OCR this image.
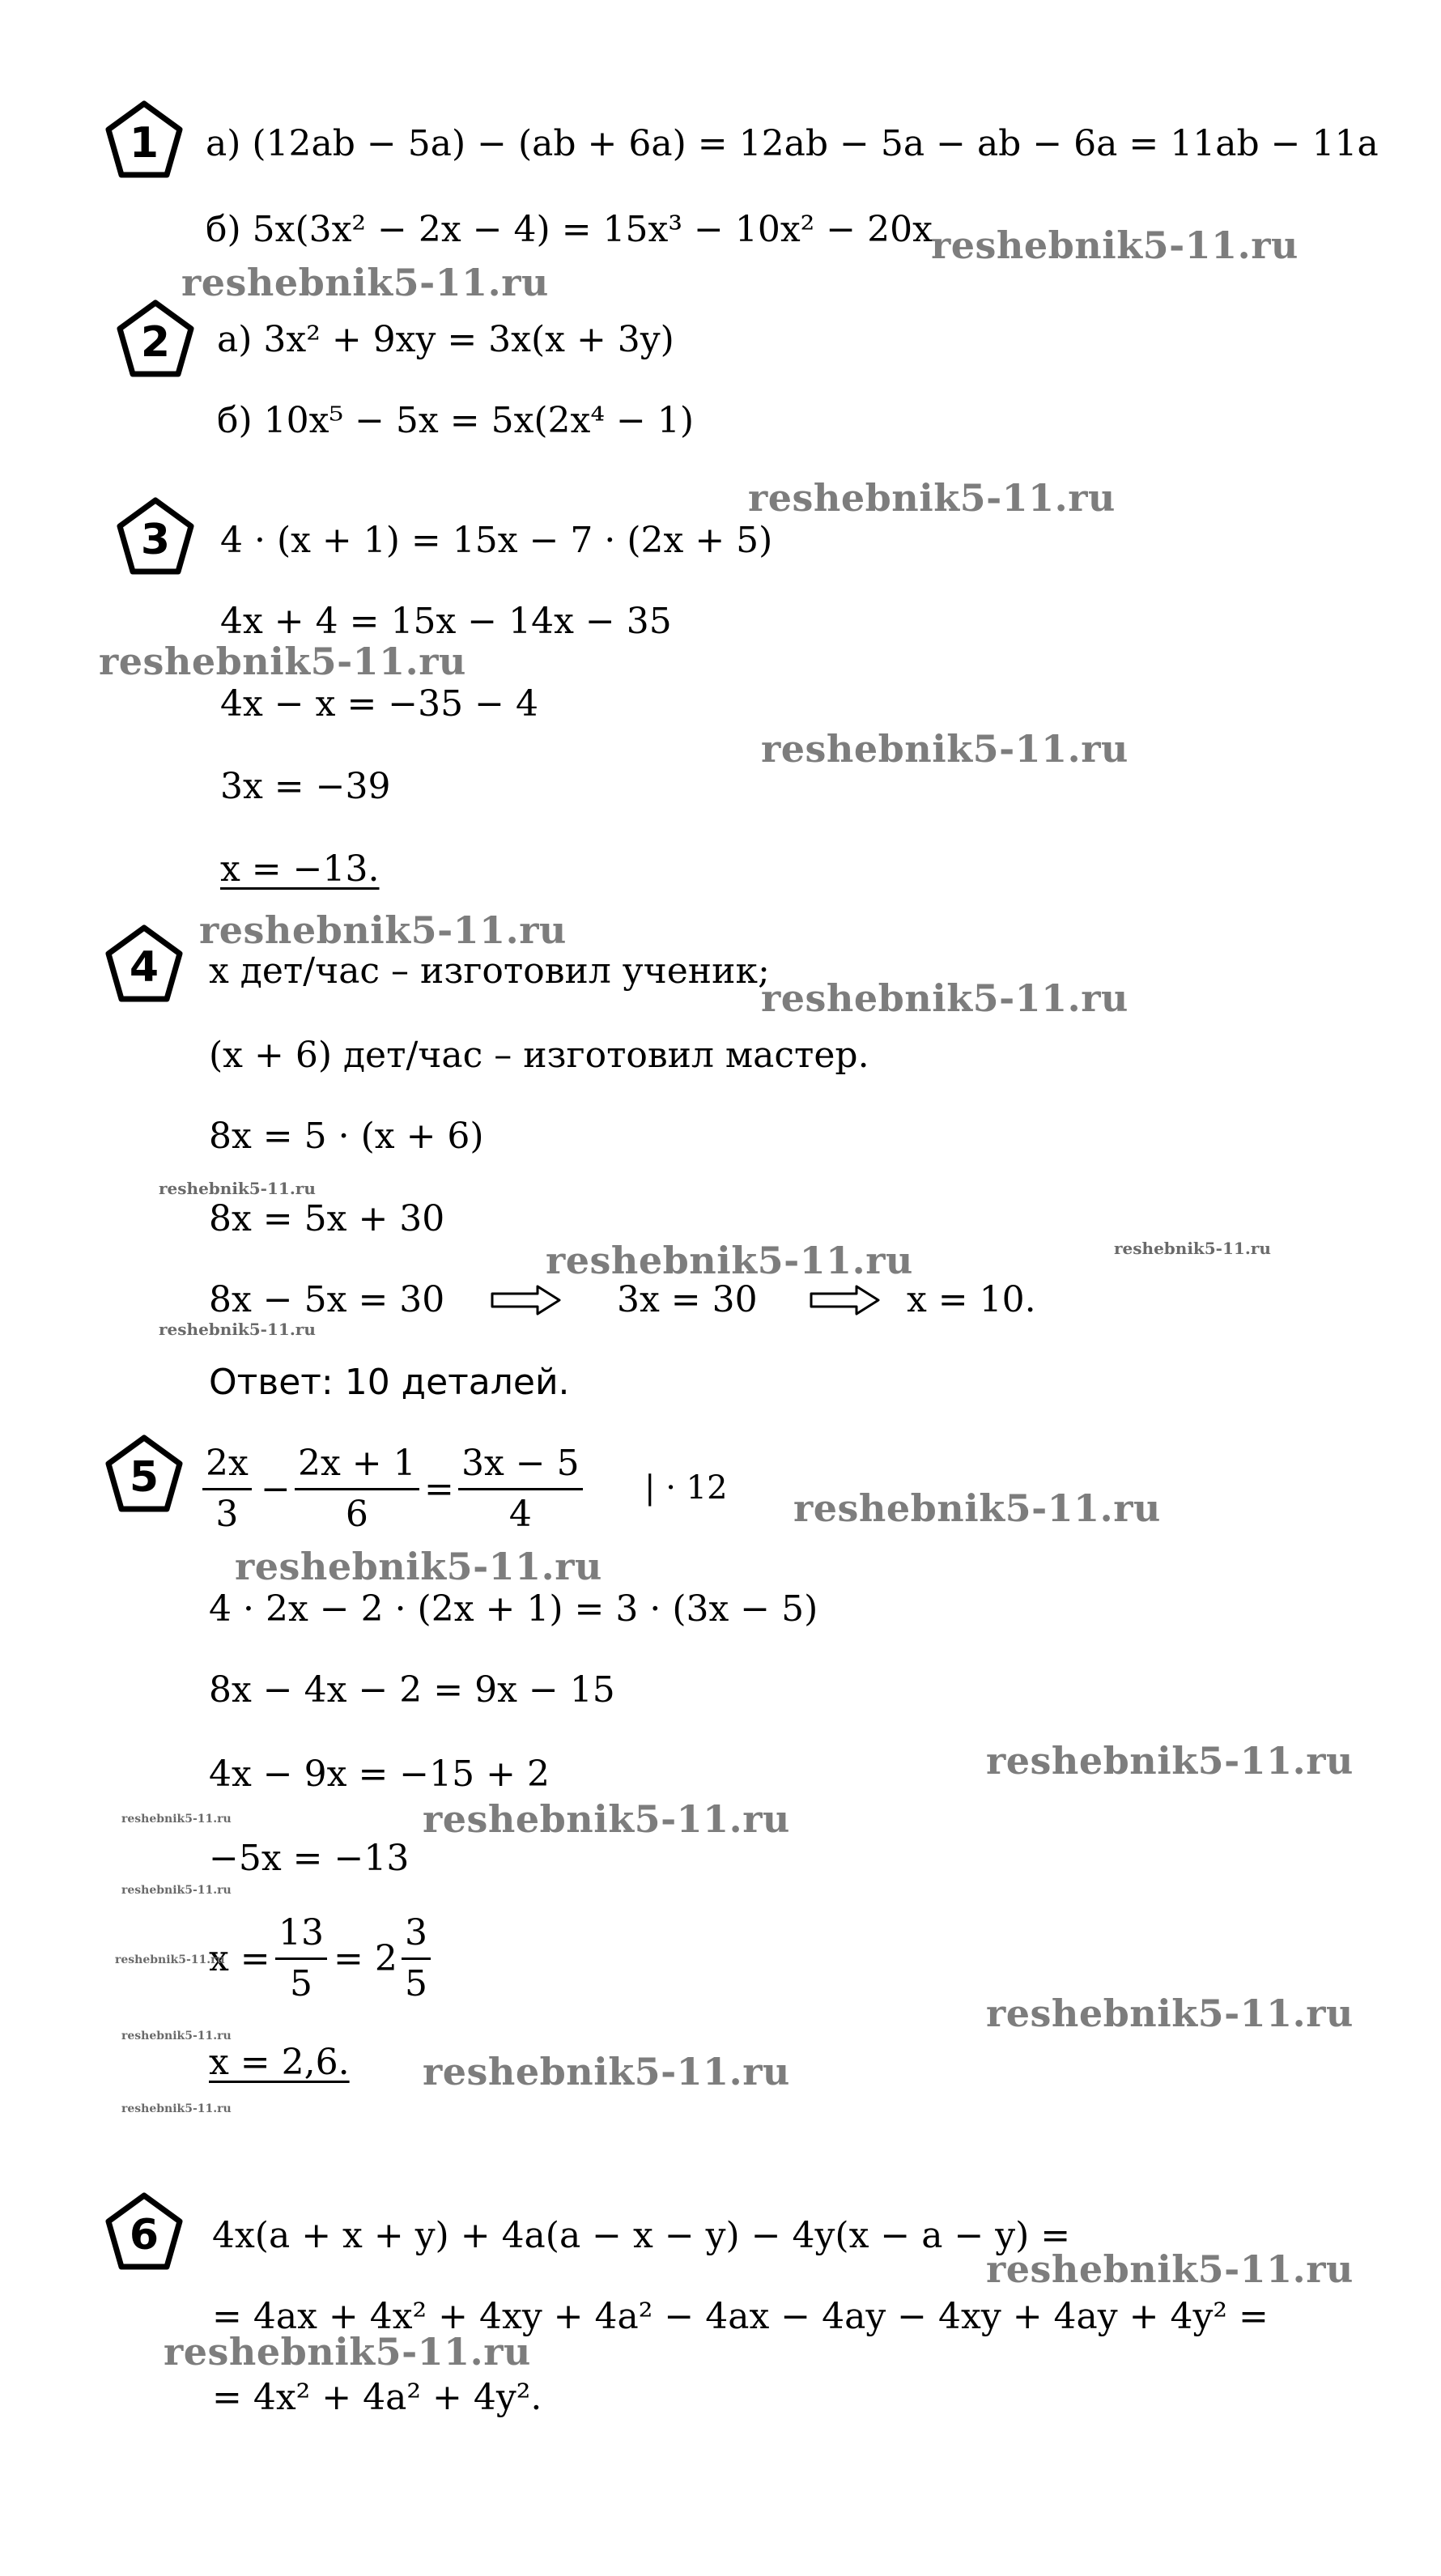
1
2
3
4
5
6
а) (12ab − 5a) − (ab + 6a) = 12ab − 5a − ab − 6a = 11ab − 11a
б) 5x(3x² − 2x − 4) = 15x³ − 10x² − 20x
а) 3x² + 9xy = 3x(x + 3y)
б) 10x⁵ − 5x = 5x(2x⁴ − 1)
4 · (x + 1) = 15x − 7 · (2x + 5)
4x + 4 = 15x − 14x − 35
4x − x = −35 − 4
3x = −39
x = −13.
x дет/час – изготовил ученик;
(x + 6) дет/час – изготовил мастер.
8x = 5 · (x + 6)
8x = 5x + 30
8x − 5x = 30	3x = 30	x = 10.
Ответ: 10 деталей.
$\frac{2x}{3} - \frac{2x + 1}{6} = \frac{3x - 5}{4}$ | · 12
4 · 2x − 2 · (2x + 1) = 3 · (3x − 5)
8x − 4x − 2 = 9x − 15
4x − 9x = −15 + 2
−5x = −13
$x = \frac{13}{5} = 2 \frac{3}{5}$
x = 2,6.
4x(a + x + y) + 4a(a − x − y) − 4y(x − a − y) =
= 4ax + 4x² + 4xy + 4a² − 4ax − 4ay − 4xy + 4ay + 4y² =
= 4x² + 4a² + 4y².
reshebnik5-11.ru
reshebnik5-11.ru
reshebnik5-11.ru
reshebnik5-11.ru
reshebnik5-11.ru
reshebnik5-11.ru
reshebnik5-11.ru
reshebnik5-11.ru
reshebnik5-11.ru
reshebnik5-11.ru
reshebnik5-11.ru
reshebnik5-11.ru
reshebnik5-11.ru
reshebnik5-11.ru
reshebnik5-11.ru
reshebnik5-11.ru
reshebnik5-11.ru
reshebnik5-11.ru
reshebnik5-11.ru
reshebnik5-11.ru
reshebnik5-11.ru
reshebnik5-11.ru
reshebnik5-11.ru
reshebnik5-11.ru
